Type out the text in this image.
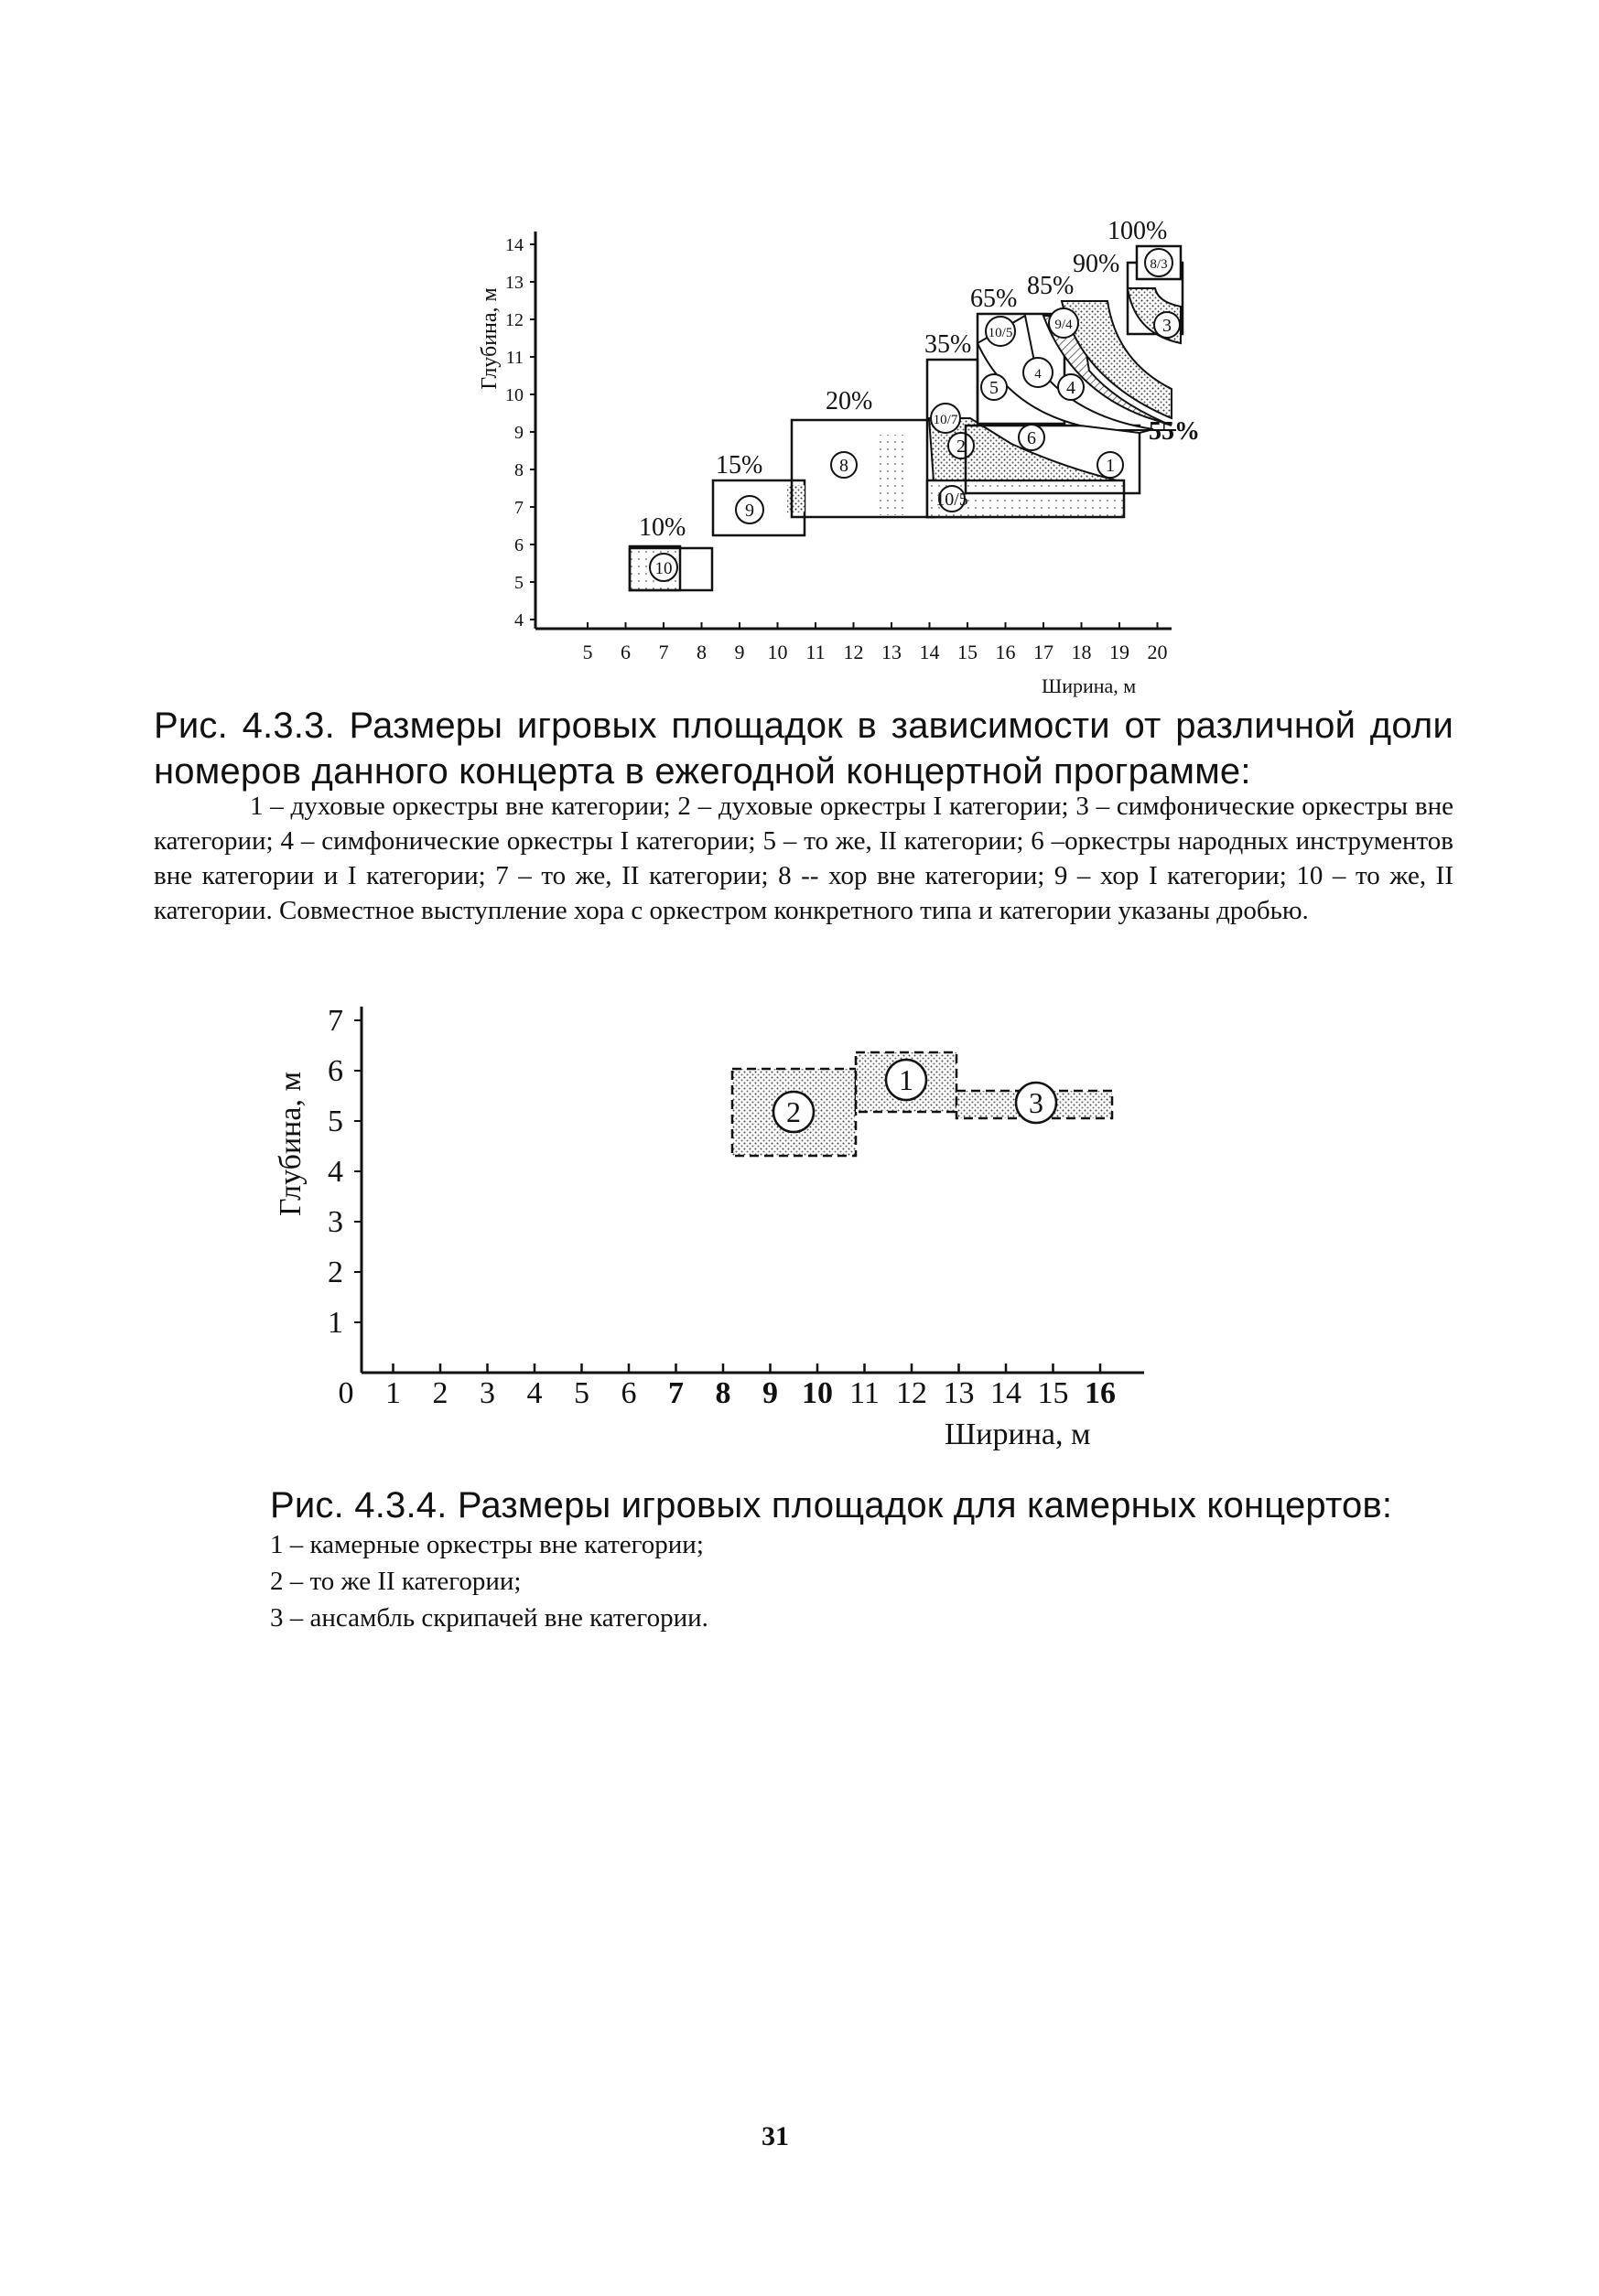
4
5
6
7
8
9
10
11
12
13
14
5 6 7 8 9 10 11 12 13 14 15 16 17 18 19 20
Глубина, м
Ширина, м
10
10%
9
15%	8
20%
35%
10/5
2
10/7
1
6
65%
5
10/5
4
4
9/4
85%
90%
3
8/3
100%
55%

Рис. 4.3.3. Размеры игровых площадок в зависимости от различной доли номеров данного концерта в ежегодной концертной программе:

1 – духовые оркестры вне категории; 2 – духовые оркестры I категории; 3 – симфонические оркестры вне категории; 4 – симфонические оркестры I категории; 5 – то же, II категории; 6 –оркестры народных инструментов вне категории и I категории; 7 – то же, II категории; 8 -- хор вне категории; 9 – хор I категории; 10 – то же, II категории. Совместное выступление хора с оркестром конкретного типа и категории указаны дробью.

1
2
3
4
5
6
7
0 1 2 3 4 5 6 7 8 9 10 11 12 13 14 15 16
Глубина, м
Ширина, м
2
1
3

Рис. 4.3.4. Размеры игровых площадок для камерных концертов:

1 – камерные оркестры вне категории;
2 – то же II категории;
3 – ансамбль скрипачей вне категории.
31
